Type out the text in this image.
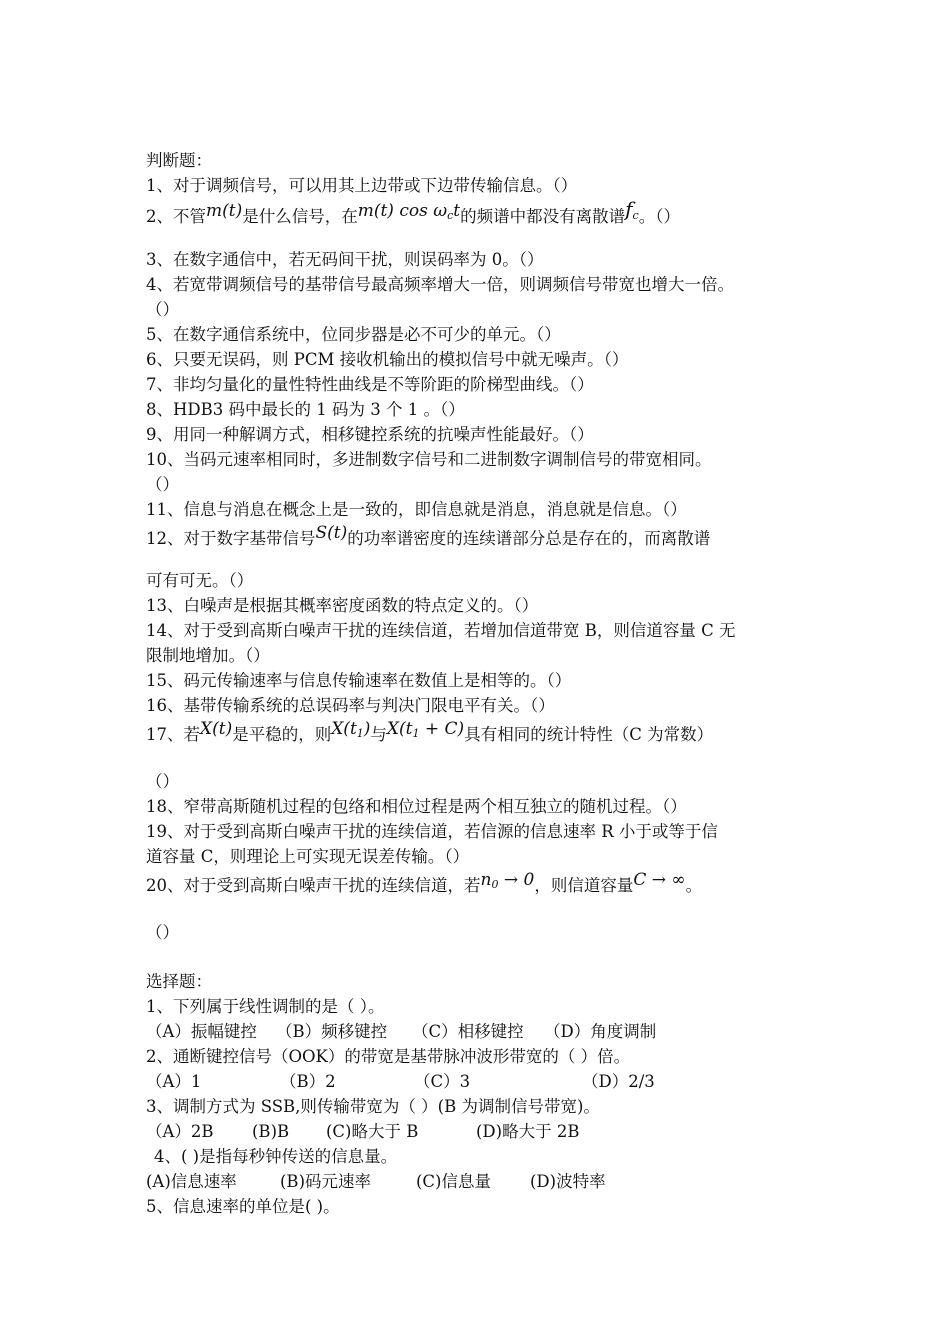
判断题：
1、对于调频信号，可以用其上边带或下边带传输信息。（）
2、不管m(t)是什么信号，在m(t) $\cos \omega_ct$的频谱中都没有离散谱$f_c$。（）
3、在数字通信中，若无码间干扰，则误码率为 0。（）
4、若宽带调频信号的基带信号最高频率增大一倍，则调频信号带宽也增大一倍。
（）
5、在数字通信系统中，位同步器是必不可少的单元。（）
6、只要无误码，则 PCM 接收机输出的模拟信号中就无噪声。（）
7、非均匀量化的量性特性曲线是不等阶距的阶梯型曲线。（）
8、HDB3 码中最长的 1 码为 3 个 1 。（）
9、用同一种解调方式，相移键控系统的抗噪声性能最好。（）
10、当码元速率相同时，多进制数字信号和二进制数字调制信号的带宽相同。
（）
11、信息与消息在概念上是一致的，即信息就是消息，消息就是信息。（）
12、对于数字基带信号S(t)的功率谱密度的连续谱部分总是存在的，而离散谱
可有可无。（）
13、白噪声是根据其概率密度函数的特点定义的。（）
14、对于受到高斯白噪声干扰的连续信道，若增加信道带宽 B，则信道容量 C 无
限制地增加。（）
15、码元传输速率与信息传输速率在数值上是相等的。（）
16、基带传输系统的总误码率与判决门限电平有关。（）
17、若X(t)是平稳的，则$X(t_1)$与$X(t_1 + C)$具有相同的统计特性（C 为常数）
（）
18、窄带高斯随机过程的包络和相位过程是两个相互独立的随机过程。（）
19、对于受到高斯白噪声干扰的连续信道，若信源的信息速率 R 小于或等于信
道容量 C，则理论上可实现无误差传输。（）
20、对于受到高斯白噪声干扰的连续信道，若$n_0 \to 0$，则信道容量C → ∞。
（）
选择题：
1、下列属于线性调制的是（ ）。
（A）振幅键控 （B）频移键控 （C）相移键控 （D）角度调制
2、通断键控信号（OOK）的带宽是基带脉冲波形带宽的（ ）倍。
（A）1	（B）2	（C）3	（D）2/3
3、调制方式为 SSB,则传输带宽为（ ）(B 为调制信号带宽)。
（A）2B (B)B (C)略大于 B	(D)略大于 2B
4、( )是指每秒钟传送的信息量。
(A)信息速率	(B)码元速率	(C)信息量 (D)波特率
5、信息速率的单位是( )。
